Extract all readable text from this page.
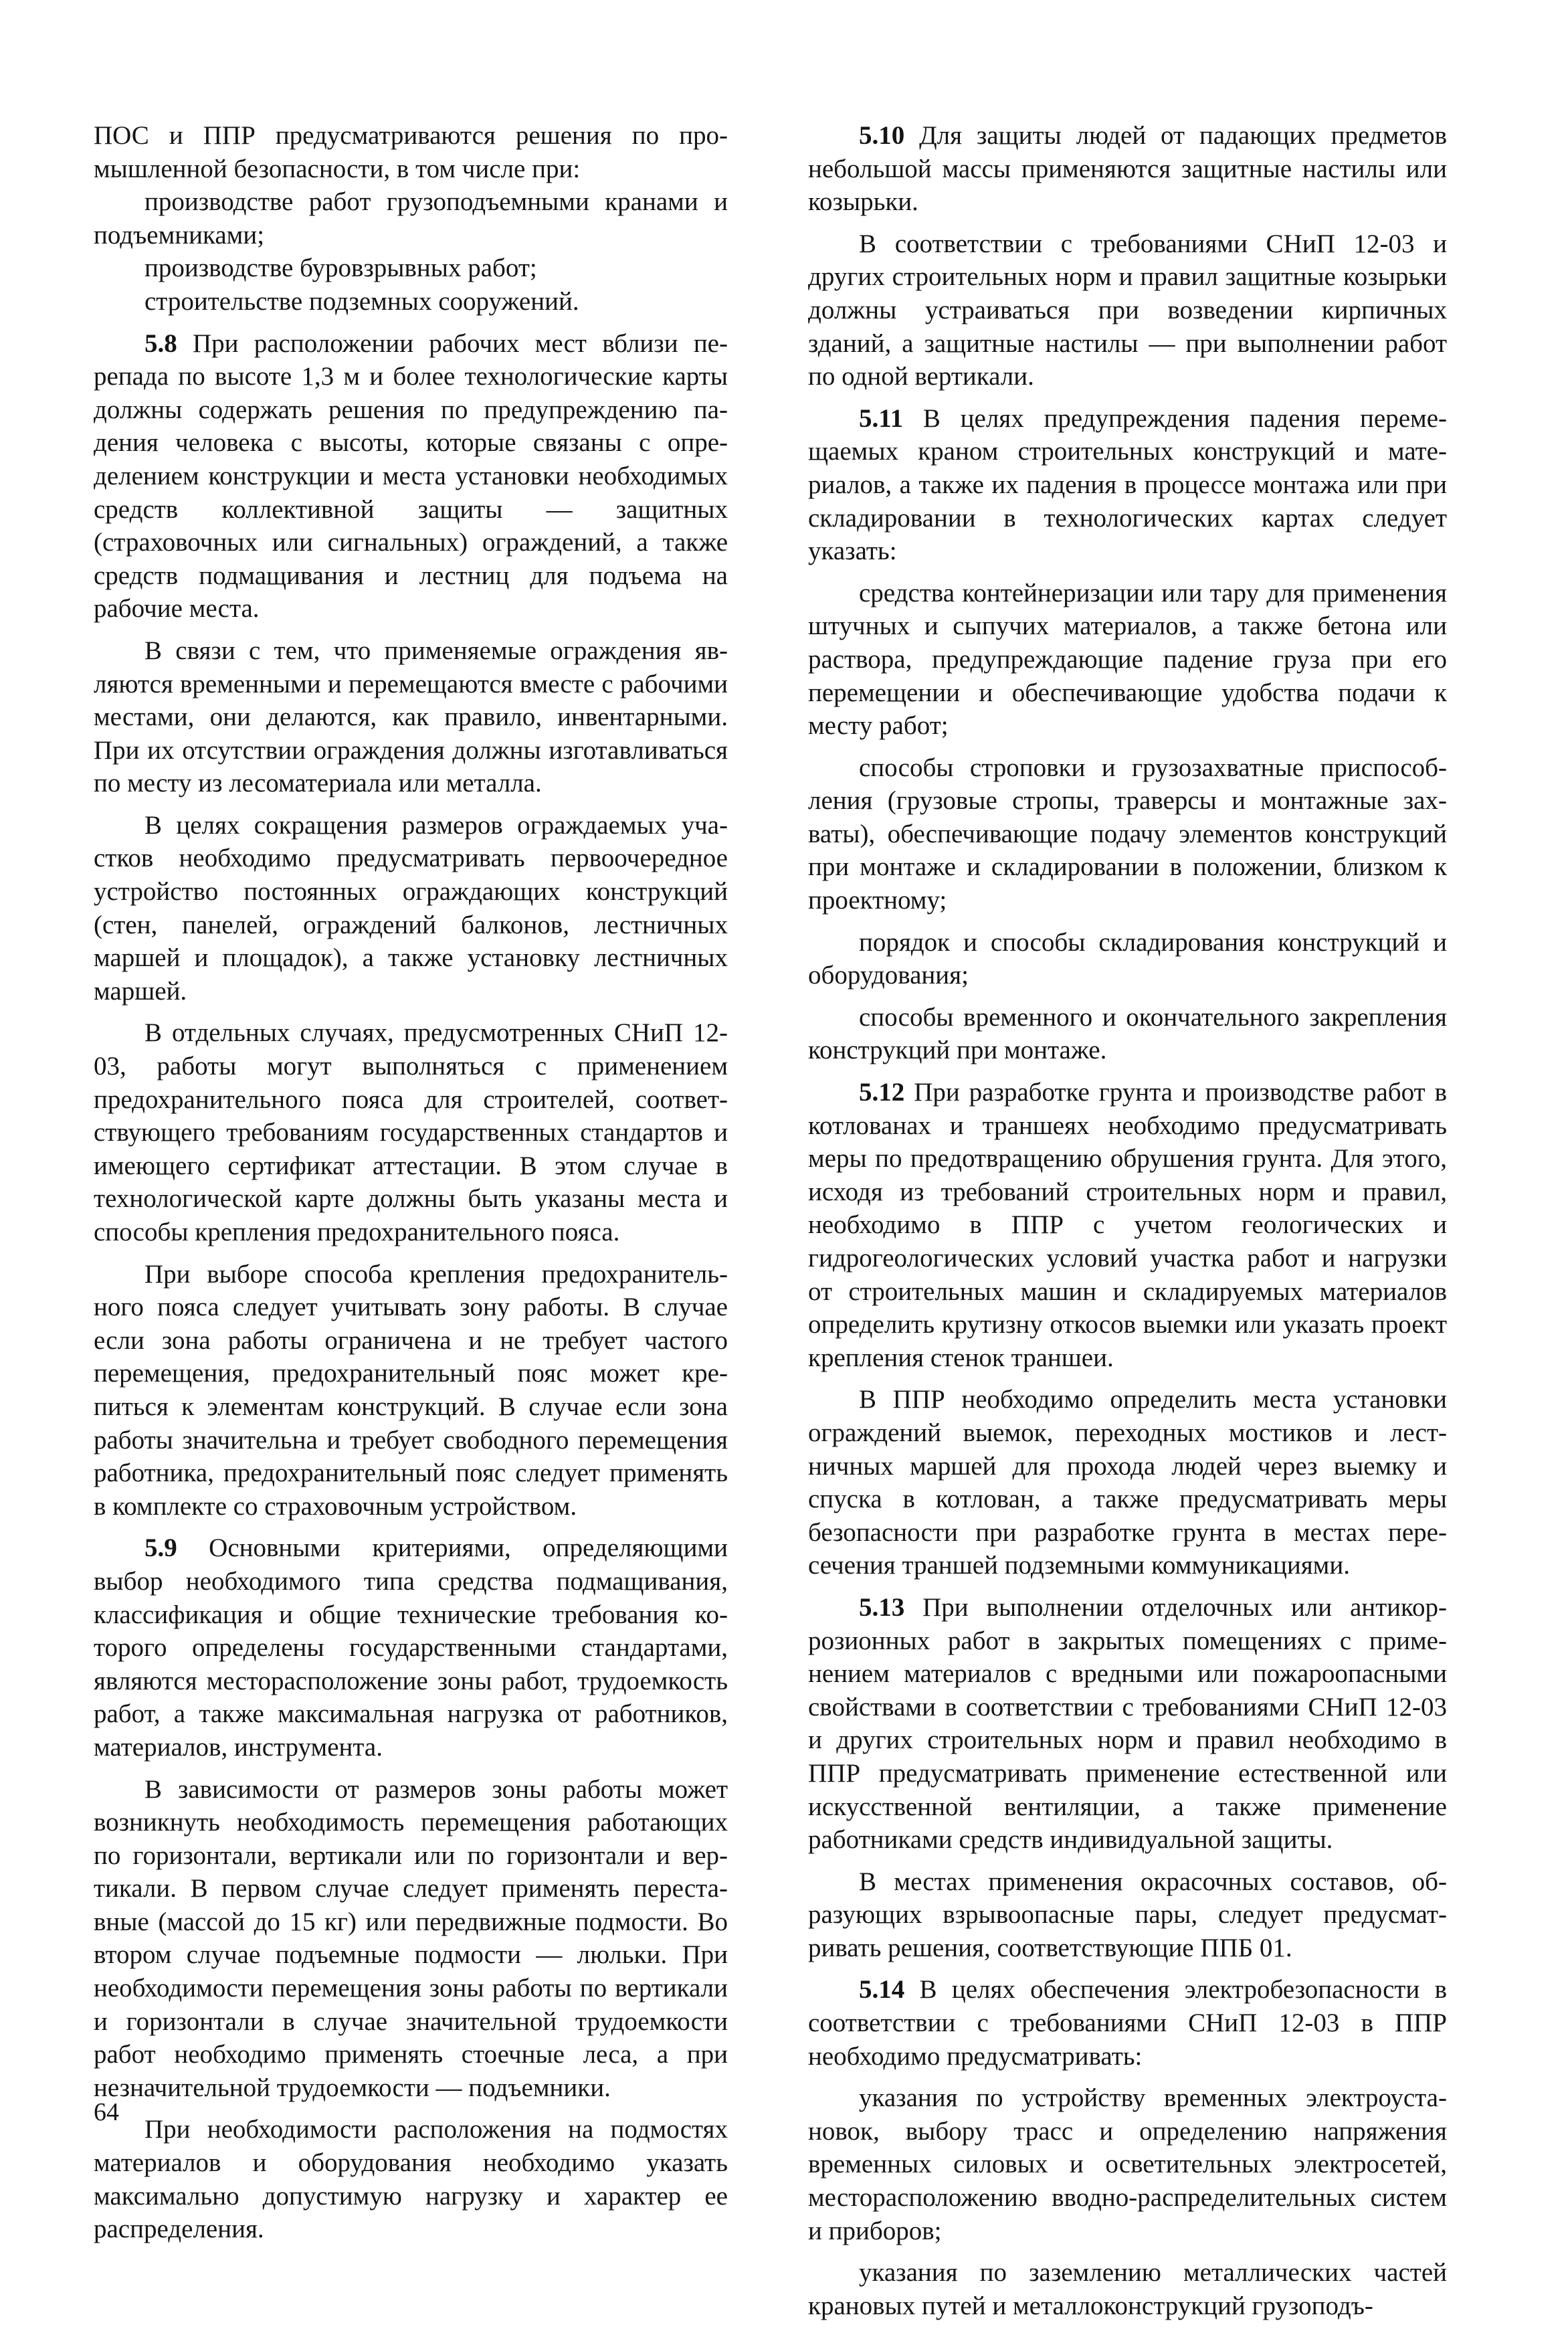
ПОС и ППР предусматриваются решения по промышленной безопасности, в том числе при:

производстве работ грузоподъемными кранами и подъемниками;

производстве буровзрывных работ;

строительстве подземных сооружений.

5.8 При расположении рабочих мест вблизи перепада по высоте 1,3 м и более технологические карты должны содержать решения по предупреждению падения человека с высоты, которые связаны с определением конструкции и места установки необходимых средств коллективной защиты — защитных (страховочных или сигнальных) ограждений, а также средств подмащивания и лестниц для подъема на рабочие места.

В связи с тем, что применяемые ограждения являются временными и перемещаются вместе с рабочими местами, они делаются, как правило, инвентарными. При их отсутствии ограждения должны изготавливаться по месту из лесоматериала или металла.

В целях сокращения размеров ограждаемых участков необходимо предусматривать первоочередное устройство постоянных ограждающих конструкций (стен, панелей, ограждений балконов, лестничных маршей и площадок), а также установку лестничных маршей.

В отдельных случаях, предусмотренных СНиП 12-03, работы могут выполняться с применением предохранительного пояса для строителей, соответствующего требованиям государственных стандартов и имеющего сертификат аттестации. В этом случае в технологической карте должны быть указаны места и способы крепления предохранительного пояса.

При выборе способа крепления предохранительного пояса следует учитывать зону работы. В случае если зона работы ограничена и не требует частого перемещения, предохранительный пояс может крепиться к элементам конструкций. В случае если зона работы значительна и требует свободного перемещения работника, предохранительный пояс следует применять в комплекте со страховочным устройством.

5.9 Основными критериями, определяющими выбор необходимого типа средства подмащивания, классификация и общие технические требования которого определены государственными стандартами, являются месторасположение зоны работ, трудоемкость работ, а также максимальная нагрузка от работников, материалов, инструмента.

В зависимости от размеров зоны работы может возникнуть необходимость перемещения работающих по горизонтали, вертикали или по горизонтали и вертикали. В первом случае следует применять переставные (массой до 15 кг) или передвижные подмости. Во втором случае подъемные подмости — люльки. При необходимости перемещения зоны работы по вертикали и горизонтали в случае значительной трудоемкости работ необходимо применять стоечные леса, а при незначительной трудоемкости — подъемники.

При необходимости расположения на подмостях материалов и оборудования необходимо указать максимально допустимую нагрузку и характер ее распределения.

5.10 Для защиты людей от падающих предметов небольшой массы применяются защитные настилы или козырьки.

В соответствии с требованиями СНиП 12-03 и других строительных норм и правил защитные козырьки должны устраиваться при возведении кирпичных зданий, а защитные настилы — при выполнении работ по одной вертикали.

5.11 В целях предупреждения падения перемещаемых краном строительных конструкций и материалов, а также их падения в процессе монтажа или при складировании в технологических картах следует указать:

средства контейнеризации или тару для применения штучных и сыпучих материалов, а также бетона или раствора, предупреждающие падение груза при его перемещении и обеспечивающие удобства подачи к месту работ;

способы строповки и грузозахватные приспособления (грузовые стропы, траверсы и монтажные захваты), обеспечивающие подачу элементов конструкций при монтаже и складировании в положении, близком к проектному;

порядок и способы складирования конструкций и оборудования;

способы временного и окончательного закрепления конструкций при монтаже.

5.12 При разработке грунта и производстве работ в котлованах и траншеях необходимо предусматривать меры по предотвращению обрушения грунта. Для этого, исходя из требований строительных норм и правил, необходимо в ППР с учетом геологических и гидрогеологических условий участка работ и нагрузки от строительных машин и складируемых материалов определить крутизну откосов выемки или указать проект крепления стенок траншеи.

В ППР необходимо определить места установки ограждений выемок, переходных мостиков и лестничных маршей для прохода людей через выемку и спуска в котлован, а также предусматривать меры безопасности при разработке грунта в местах пересечения траншей подземными коммуникациями.

5.13 При выполнении отделочных или антикоррозионных работ в закрытых помещениях с применением материалов с вредными или пожароопасными свойствами в соответствии с требованиями СНиП 12-03 и других строительных норм и правил необходимо в ППР предусматривать применение естественной или искусственной вентиляции, а также применение работниками средств индивидуальной защиты.

В местах применения окрасочных составов, образующих взрывоопасные пары, следует предусматривать решения, соответствующие ППБ 01.

5.14 В целях обеспечения электробезопасности в соответствии с требованиями СНиП 12-03 в ППР необходимо предусматривать:

указания по устройству временных электроустановок, выбору трасс и определению напряжения временных силовых и осветительных электросетей, месторасположению вводно-распределительных систем и приборов;

указания по заземлению металлических частей крановых путей и металлоконструкций грузоподъ-

64
